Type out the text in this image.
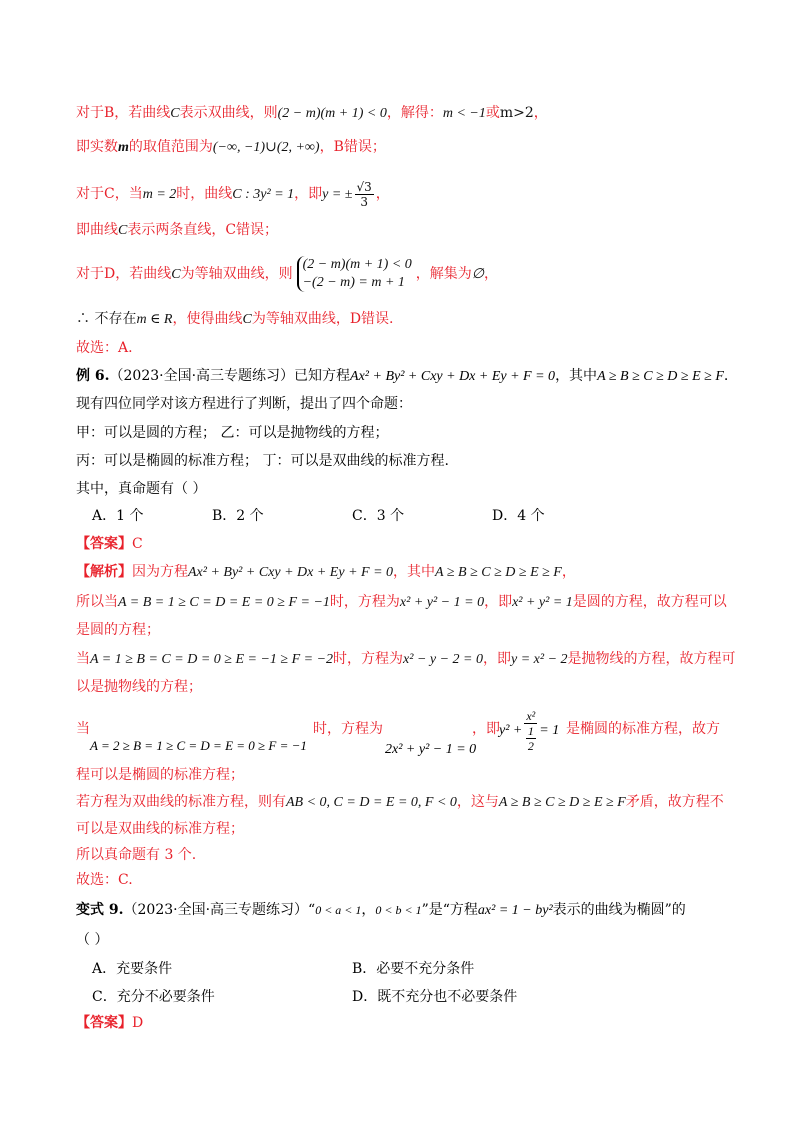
对于B，若曲线C表示双曲线，则(2 − m)(m + 1) < 0，解得：m < −1或m>2，
即实数m的取值范围为(−∞, −1)∪(2, +∞)，B错误；
对于C，当m = 2时，曲线C : 3y² = 1，即y = ± $\frac{√3}{3}$ ，
即曲线C表示两条直线，C错误；
对于D，若曲线C为等轴双曲线，则
(2 − m)(m + 1) < 0
−(2 − m) = m + 1
，解集为∅，
∴ 不存在m ∈ R，使得曲线C为等轴双曲线，D错误.
故选：A.
例 6.（2023·全国·高三专题练习）已知方程Ax² + By² + Cxy + Dx + Ey + F = 0，其中A ≥ B ≥ C ≥ D ≥ E ≥ F.
现有四位同学对该方程进行了判断，提出了四个命题：
甲：可以是圆的方程； 乙：可以是抛物线的方程；
丙：可以是椭圆的标准方程； 丁：可以是双曲线的标准方程.
其中，真命题有（ ）
A．1 个	B．2 个	C．3 个	D．4 个
【答案】C
【解析】因为方程Ax² + By² + Cxy + Dx + Ey + F = 0，其中A ≥ B ≥ C ≥ D ≥ E ≥ F，
所以当A = B = 1 ≥ C = D = E = 0 ≥ F = −1时，方程为x² + y² − 1 = 0，即x² + y² = 1是圆的方程，故方程可以
是圆的方程；
当A = 1 ≥ B = C = D = 0 ≥ E = −1 ≥ F = −2时，方程为x² − y − 2 = 0，即y = x² − 2是抛物线的方程，故方程可
以是抛物线的方程；
当
A = 2 ≥ B = 1 ≥ C = D = E = 0 ≥ F = −1
时，方程为
2x² + y² − 1 = 0
，即 $y^2 + \frac{\text{x²}}{\frac{1}{2}} = 1$ 是椭圆的标准方程，故方
程可以是椭圆的标准方程；
若方程为双曲线的标准方程，则有AB < 0, C = D = E = 0, F < 0，这与A ≥ B ≥ C ≥ D ≥ E ≥ F矛盾，故方程不
可以是双曲线的标准方程；
所以真命题有 3 个.
故选：C.
变式 9.（2023·全国·高三专题练习）“0 < a < 1，0 < b < 1”是“方程ax² = 1 − by²表示的曲线为椭圆”的
（ ）
A．充要条件	B．必要不充分条件
C．充分不必要条件	D．既不充分也不必要条件
【答案】D
